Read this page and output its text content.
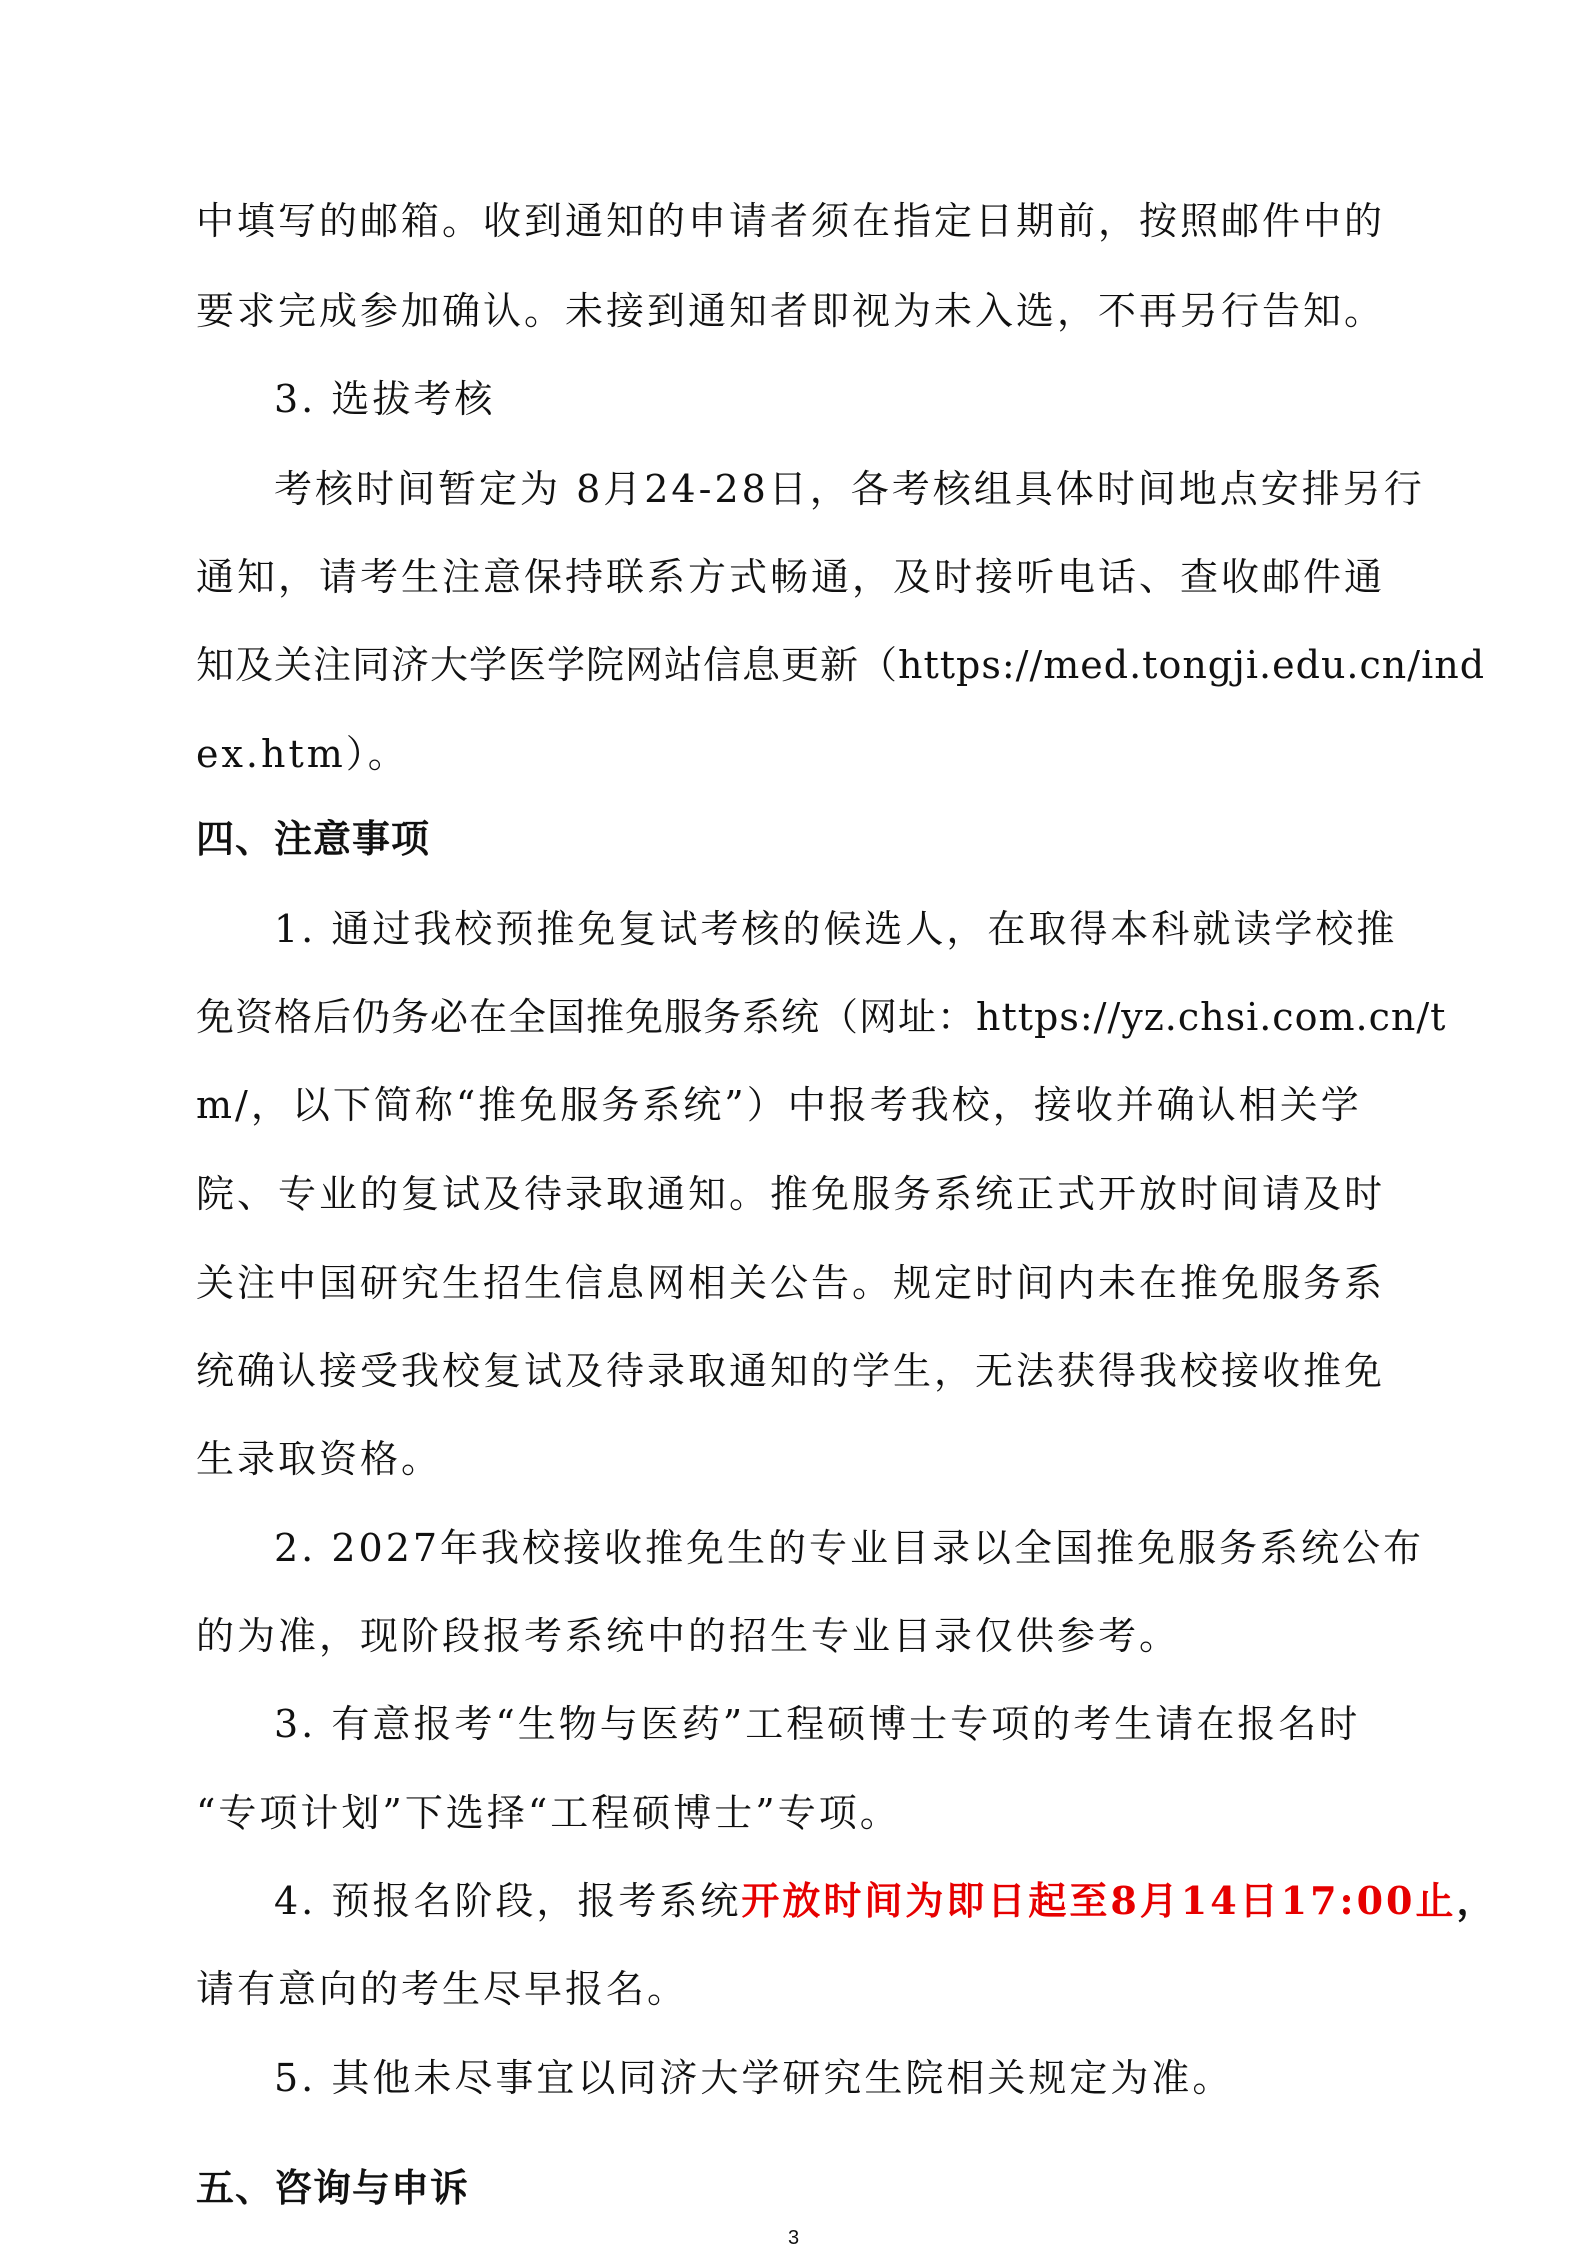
中填写的邮箱。收到通知的申请者须在指定日期前，按照邮件中的

要求完成参加确认。未接到通知者即视为未入选，不再另行告知。

3. 选拔考核

考核时间暂定为 8月24-28日，各考核组具体时间地点安排另行

通知，请考生注意保持联系方式畅通，及时接听电话、查收邮件通

知及关注同济大学医学院网站信息更新（https://med.tongji.edu.cn/ind

ex.htm）。

四、注意事项

1. 通过我校预推免复试考核的候选人，在取得本科就读学校推

免资格后仍务必在全国推免服务系统（网址：https://yz.chsi.com.cn/t

m/，以下简称“推免服务系统”）中报考我校，接收并确认相关学

院、专业的复试及待录取通知。推免服务系统正式开放时间请及时

关注中国研究生招生信息网相关公告。规定时间内未在推免服务系

统确认接受我校复试及待录取通知的学生，无法获得我校接收推免

生录取资格。

2. 2027年我校接收推免生的专业目录以全国推免服务系统公布

的为准，现阶段报考系统中的招生专业目录仅供参考。

3. 有意报考“生物与医药”工程硕博士专项的考生请在报名时

“专项计划”下选择“工程硕博士”专项。

4. 预报名阶段，报考系统开放时间为即日起至8月14日17:00止，

请有意向的考生尽早报名。

5. 其他未尽事宜以同济大学研究生院相关规定为准。

五、咨询与申诉

3
